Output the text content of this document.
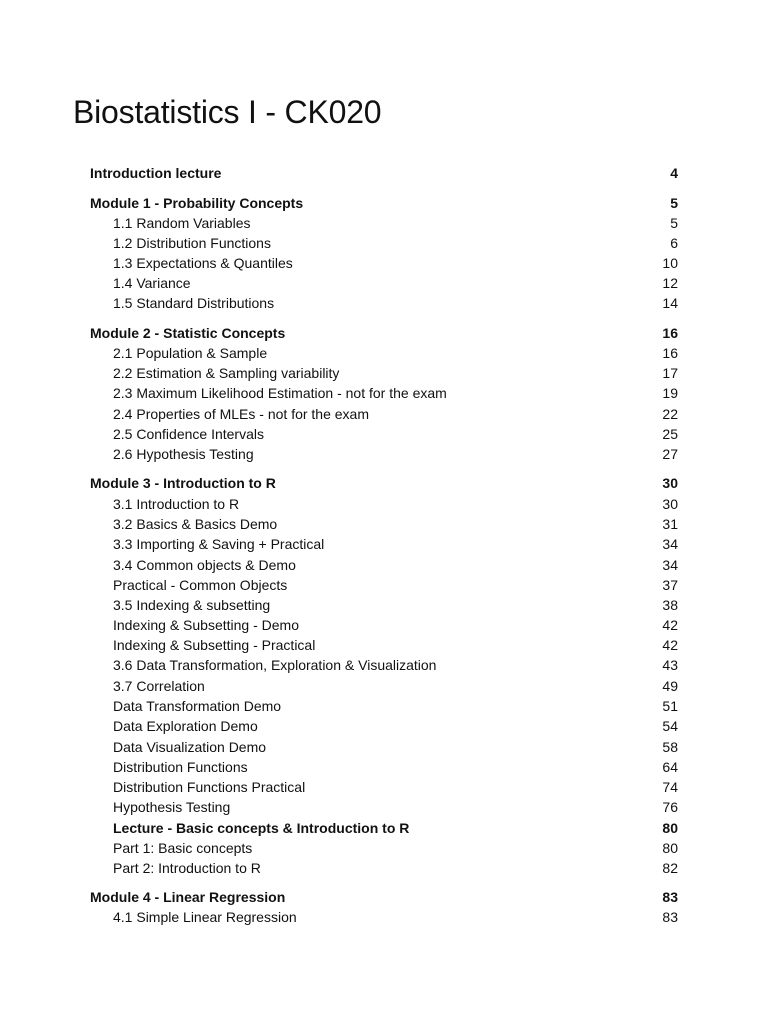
Biostatistics I - CK020
Introduction lecture	4
Module 1 - Probability Concepts	5
1.1 Random Variables	5
1.2 Distribution Functions	6
1.3 Expectations & Quantiles	10
1.4 Variance	12
1.5 Standard Distributions	14
Module 2 - Statistic Concepts	16
2.1 Population & Sample	16
2.2 Estimation & Sampling variability	17
2.3 Maximum Likelihood Estimation - not for the exam	19
2.4 Properties of MLEs - not for the exam	22
2.5 Confidence Intervals	25
2.6 Hypothesis Testing	27
Module 3 - Introduction to R	30
3.1 Introduction to R	30
3.2 Basics & Basics Demo	31
3.3 Importing & Saving + Practical	34
3.4 Common objects & Demo	34
Practical - Common Objects	37
3.5 Indexing & subsetting	38
Indexing & Subsetting - Demo	42
Indexing & Subsetting - Practical	42
3.6 Data Transformation, Exploration & Visualization	43
3.7 Correlation	49
Data Transformation Demo	51
Data Exploration Demo	54
Data Visualization Demo	58
Distribution Functions	64
Distribution Functions Practical	74
Hypothesis Testing	76
Lecture - Basic concepts & Introduction to R	80
Part 1: Basic concepts	80
Part 2: Introduction to R	82
Module 4 - Linear Regression	83
4.1 Simple Linear Regression	83
